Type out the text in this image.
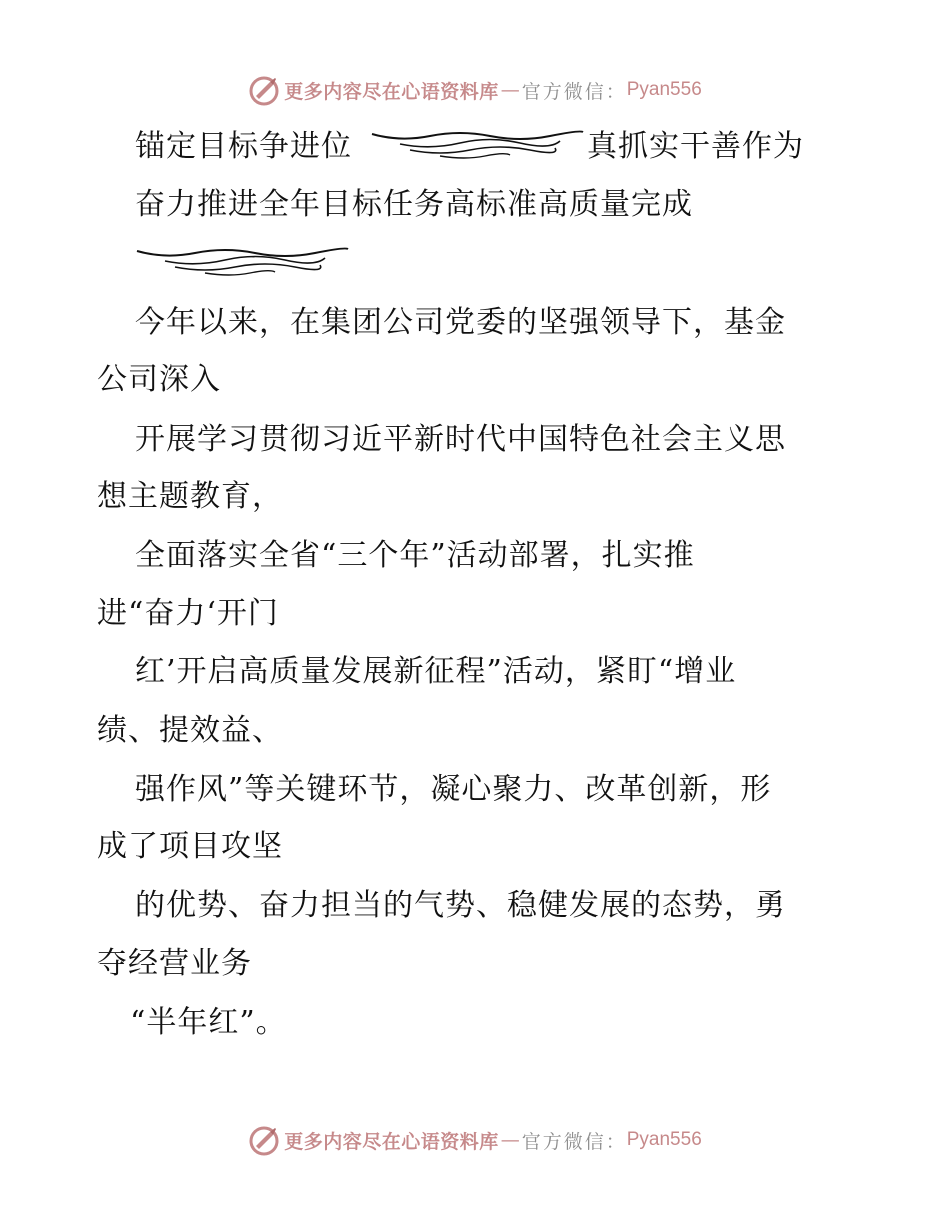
更多内容尽在心语资料库 — 官方微信： Pyan556
锚定目标争进位	真抓实干善作为
奋力推进全年目标任务高标准高质量完成
今年以来，在集团公司党委的坚强领导下，基金
公司深入
开展学习贯彻习近平新时代中国特色社会主义思
想主题教育，
全面落实全省“三个年”活动部署，扎实推
进“奋力‘开门
红’开启高质量发展新征程”活动，紧盯“增业
绩、提效益、
强作风”等关键环节，凝心聚力、改革创新，形
成了项目攻坚
的优势、奋力担当的气势、稳健发展的态势，勇
夺经营业务
“半年红”。
更多内容尽在心语资料库 — 官方微信： Pyan556
